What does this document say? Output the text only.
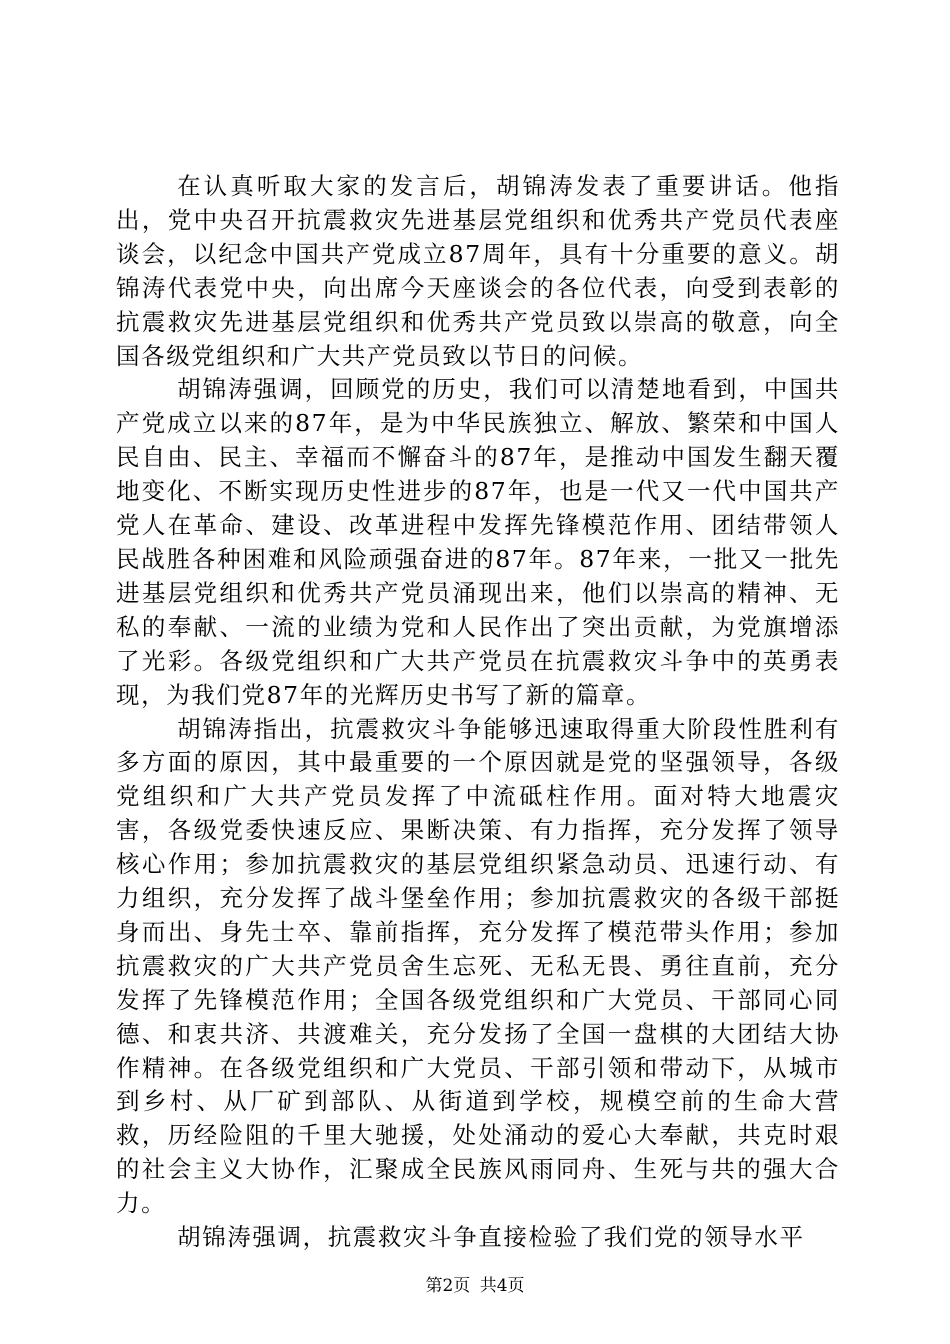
在认真听取大家的发言后，胡锦涛发表了重要讲话。他指出，党中央召开抗震救灾先进基层党组织和优秀共产党员代表座谈会，以纪念中国共产党成立87周年，具有十分重要的意义。胡锦涛代表党中央，向出席今天座谈会的各位代表，向受到表彰的抗震救灾先进基层党组织和优秀共产党员致以崇高的敬意，向全国各级党组织和广大共产党员致以节日的问候。

胡锦涛强调，回顾党的历史，我们可以清楚地看到，中国共产党成立以来的87年，是为中华民族独立、解放、繁荣和中国人民自由、民主、幸福而不懈奋斗的87年，是推动中国发生翻天覆地变化、不断实现历史性进步的87年，也是一代又一代中国共产党人在革命、建设、改革进程中发挥先锋模范作用、团结带领人民战胜各种困难和风险顽强奋进的87年。87年来，一批又一批先进基层党组织和优秀共产党员涌现出来，他们以崇高的精神、无私的奉献、一流的业绩为党和人民作出了突出贡献，为党旗增添了光彩。各级党组织和广大共产党员在抗震救灾斗争中的英勇表现，为我们党87年的光辉历史书写了新的篇章。

胡锦涛指出，抗震救灾斗争能够迅速取得重大阶段性胜利有多方面的原因，其中最重要的一个原因就是党的坚强领导，各级党组织和广大共产党员发挥了中流砥柱作用。面对特大地震灾害，各级党委快速反应、果断决策、有力指挥，充分发挥了领导核心作用；参加抗震救灾的基层党组织紧急动员、迅速行动、有力组织，充分发挥了战斗堡垒作用；参加抗震救灾的各级干部挺身而出、身先士卒、靠前指挥，充分发挥了模范带头作用；参加抗震救灾的广大共产党员舍生忘死、无私无畏、勇往直前，充分发挥了先锋模范作用；全国各级党组织和广大党员、干部同心同德、和衷共济、共渡难关，充分发扬了全国一盘棋的大团结大协作精神。在各级党组织和广大党员、干部引领和带动下，从城市到乡村、从厂矿到部队、从街道到学校，规模空前的生命大营救，历经险阻的千里大驰援，处处涌动的爱心大奉献，共克时艰的社会主义大协作，汇聚成全民族风雨同舟、生死与共的强大合力。

胡锦涛强调，抗震救灾斗争直接检验了我们党的领导水平

第2页 共4页
